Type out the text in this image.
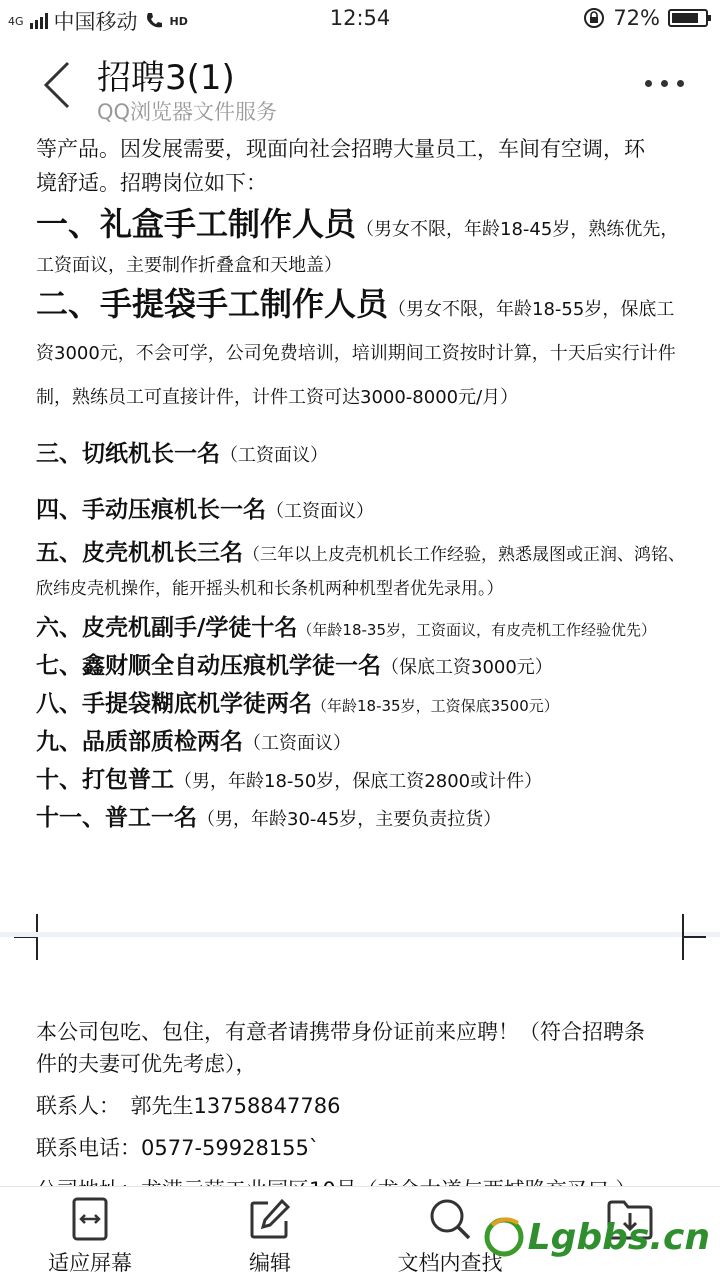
4G 中国移动	HD	12:54	72%
招聘3(1)
QQ浏览器文件服务

等产品。因发展需要，现面向社会招聘大量员工，车间有空调，环

境舒适。招聘岗位如下：

一、礼盒手工制作人员（男女不限，年龄18-45岁，熟练优先，工资面议，主要制作折叠盒和天地盖）
二、手提袋手工制作人员（男女不限，年龄18-55岁，保底工资3000元，不会可学，公司免费培训，培训期间工资按时计算，十天后实行计件制，熟练员工可直接计件，计件工资可达3000-8000元/月）
三、切纸机长一名（工资面议）
四、手动压痕机长一名（工资面议）
五、皮壳机机长三名（三年以上皮壳机机长工作经验，熟悉晟图或正润、鸿铭、欣纬皮壳机操作，能开摇头机和长条机两种机型者优先录用。）
六、皮壳机副手/学徒十名（年龄18-35岁，工资面议，有皮壳机工作经验优先）
七、鑫财顺全自动压痕机学徒一名（保底工资3000元）
八、手提袋糊底机学徒两名（年龄18-35岁，工资保底3500元）
九、品质部质检两名（工资面议）
十、打包普工（男，年龄18-50岁，保底工资2800或计件）
十一、普工一名（男，年龄30-45岁，主要负责拉货）
本公司包吃、包住，有意者请携带身份证前来应聘！（符合招聘条
件的夫妻可优先考虑），
联系人：　郭先生13758847786
联系电话：0577-59928155`
适应屏幕	编辑	文档内查找
Lgbbs.cn
